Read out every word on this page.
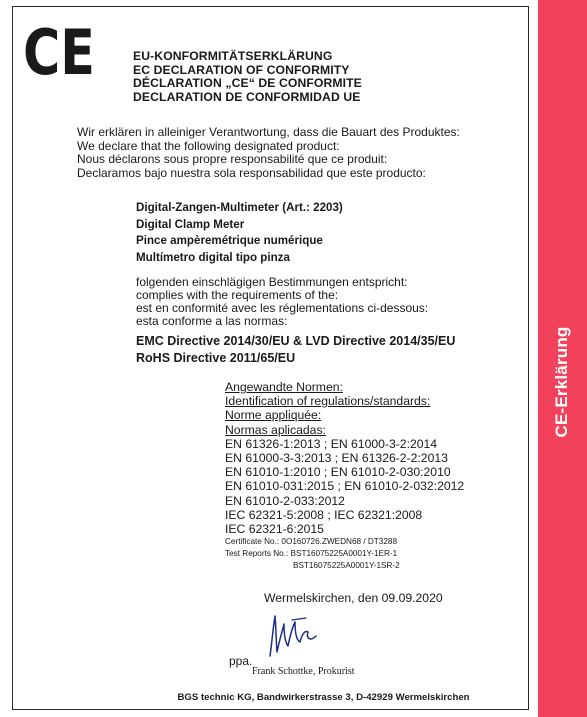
CE-Erklärung
CE	EU-KONFORMITÄTSERKLÄRUNG
EC DECLARATION OF CONFORMITY
DÉCLARATION „CE“ DE CONFORMITE
DECLARATION DE CONFORMIDAD UE
Wir erklären in alleiniger Verantwortung, dass die Bauart des Produktes:
We declare that the following designated product:
Nous déclarons sous propre responsabilité que ce produit:
Declaramos bajo nuestra sola responsabilidad que este producto:
Digital-Zangen-Multimeter (Art.: 2203)
Digital Clamp Meter
Pince ampèremétrique numérique
Multímetro digital tipo pinza
folgenden einschlägigen Bestimmungen entspricht:
complies with the requirements of the:
est en conformité avec les réglementations ci-dessous:
esta conforme a las normas:
EMC Directive 2014/30/EU & LVD Directive 2014/35/EU
RoHS Directive 2011/65/EU
Angewandte Normen:
Identification of regulations/standards:
Norme appliquée:
Normas aplicadas:
EN 61326-1:2013 ; EN 61000-3-2:2014
EN 61000-3-3:2013 ; EN 61326-2-2:2013
EN 61010-1:2010 ; EN 61010-2-030:2010
EN 61010-031:2015 ; EN 61010-2-032:2012
EN 61010-2-033:2012
IEC 62321-5:2008 ; IEC 62321:2008
IEC 62321-6:2015
Certificate No.: 0O160726.ZWEDN68 / DT3288
Test Reports No.: BST16075225A0001Y-1ER-1
BST16075225A0001Y-1SR-2
Wermelskirchen, den 09.09.2020
ppa.
Frank Schottke, Prokurist
BGS technic KG, Bandwirkerstrasse 3, D-42929 Wermelskirchen
